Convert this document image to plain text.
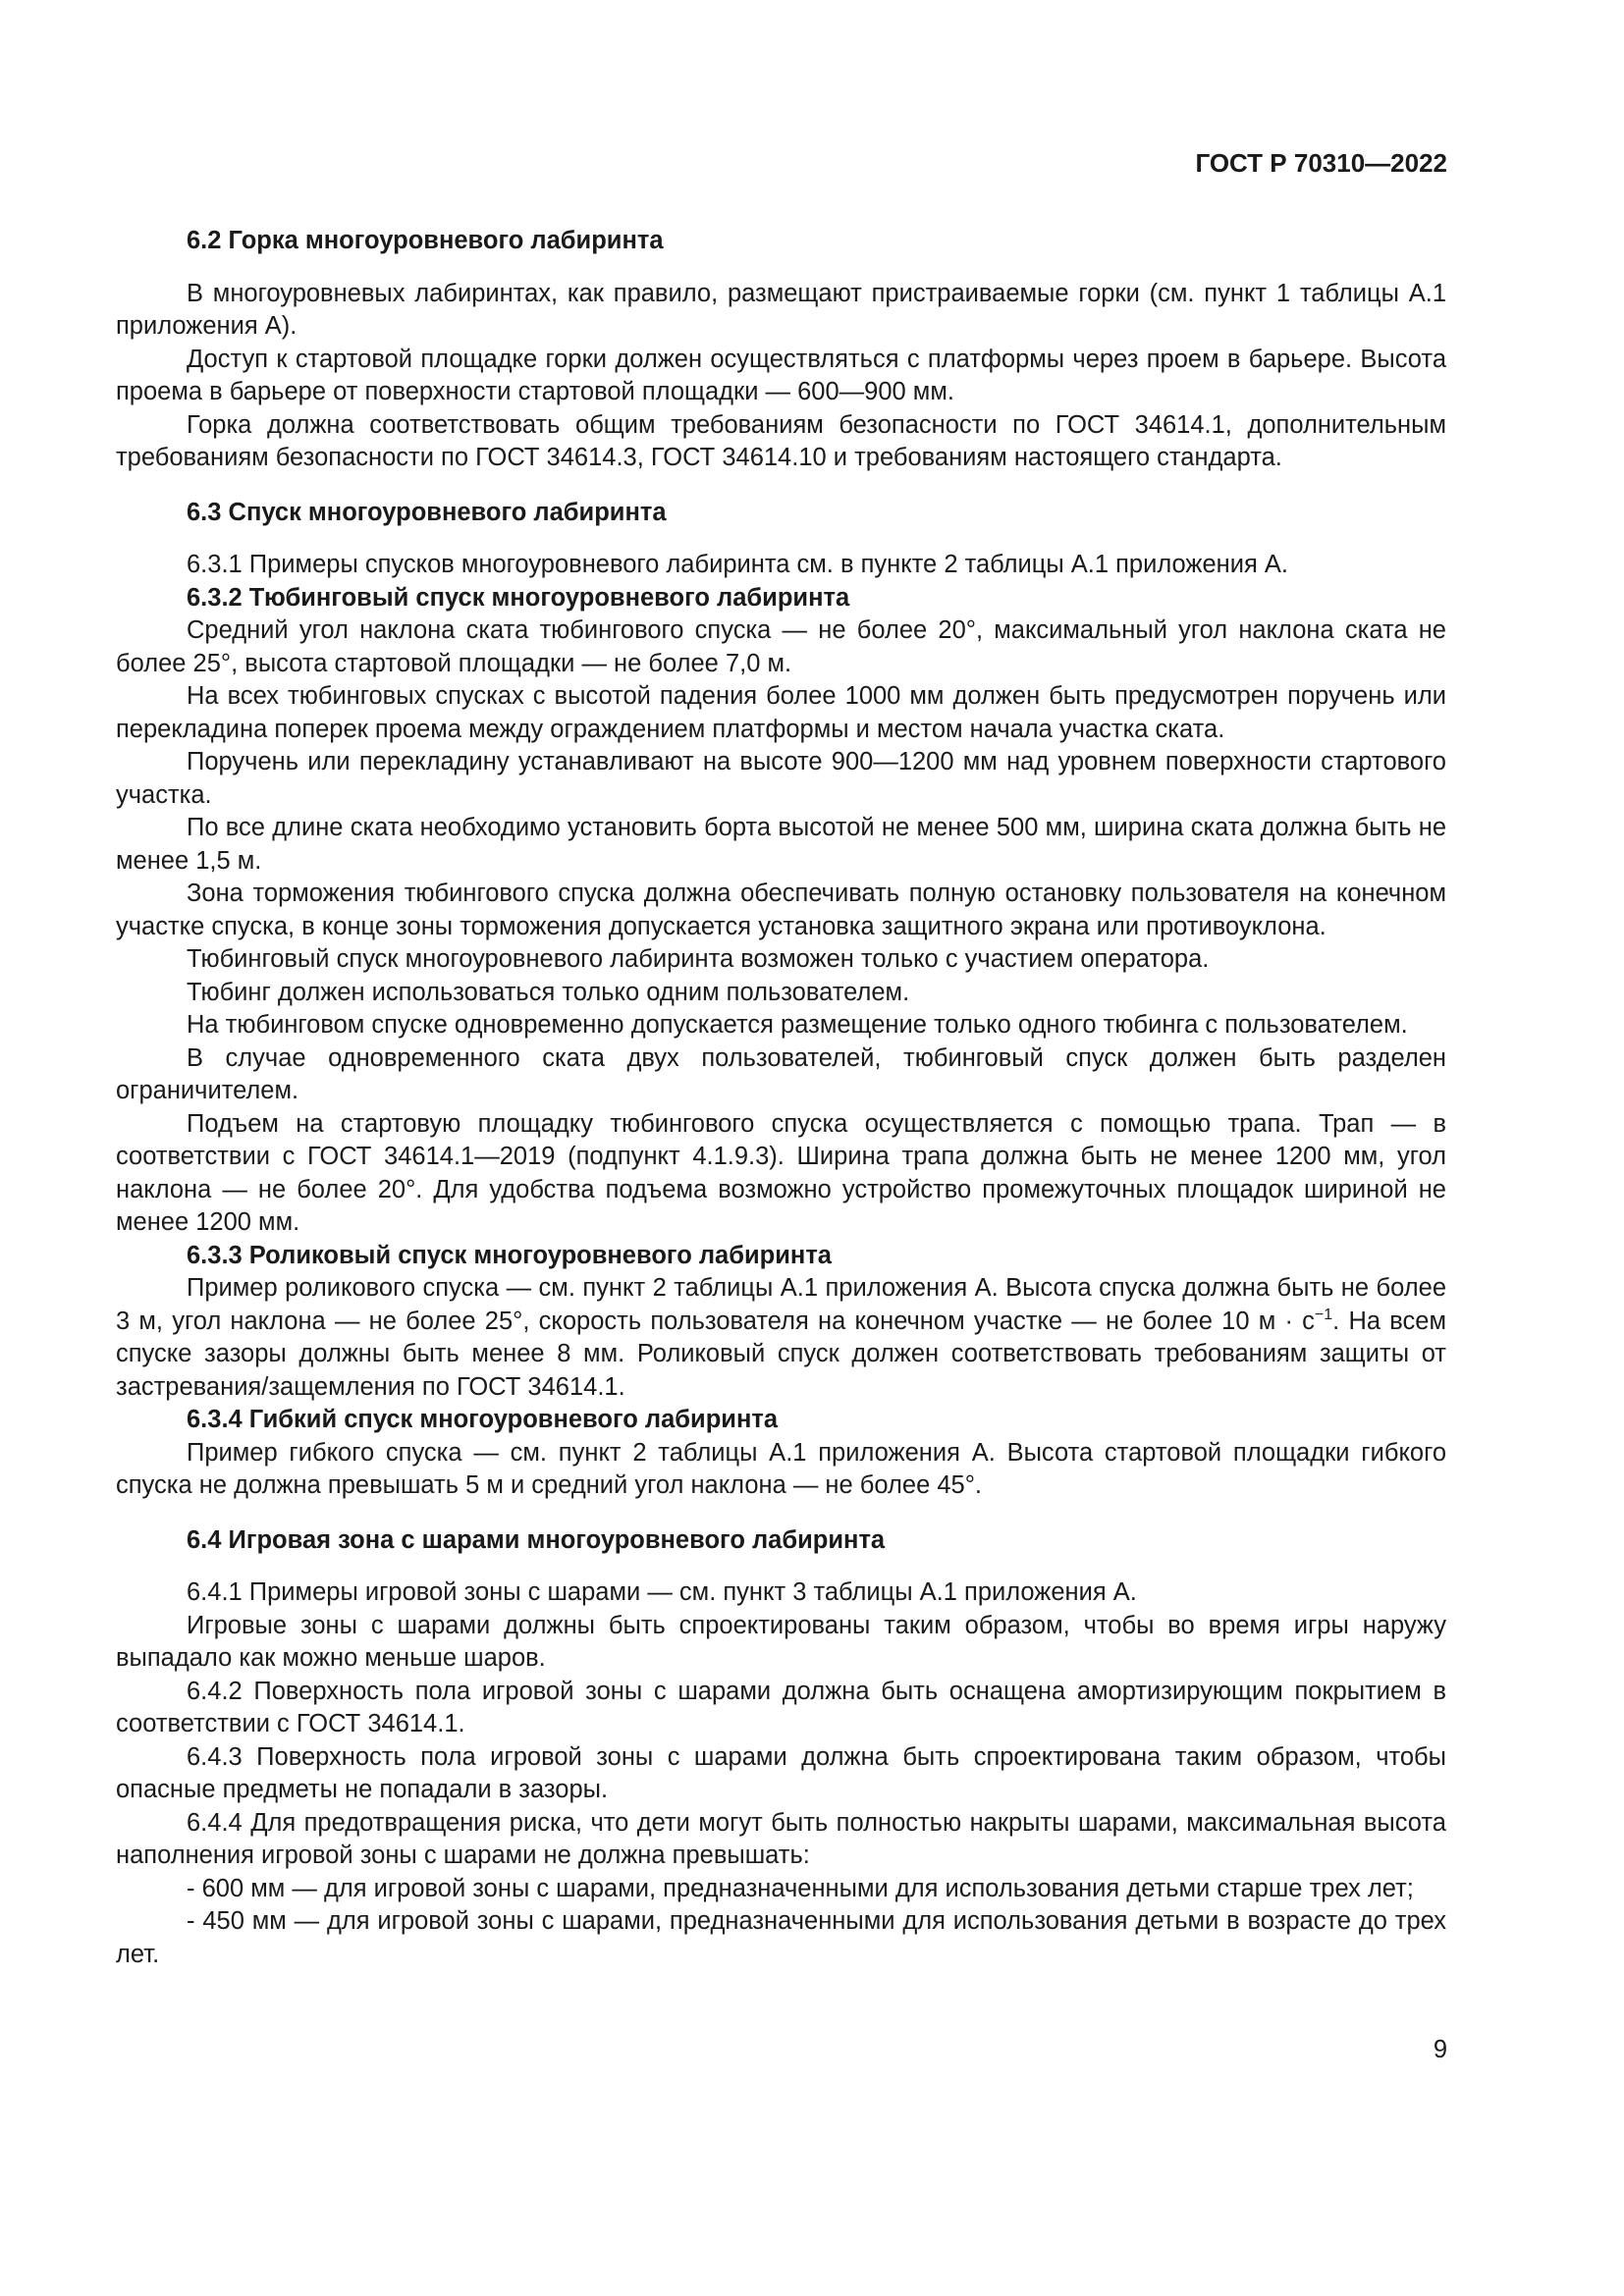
ГОСТ Р 70310—2022
6.2 Горка многоуровневого лабиринта

В многоуровневых лабиринтах, как правило, размещают пристраиваемые горки (см. пункт 1 таблицы А.1 приложения А).

Доступ к стартовой площадке горки должен осуществляться с платформы через проем в барьере. Высота проема в барьере от поверхности стартовой площадки — 600—900 мм.

Горка должна соответствовать общим требованиям безопасности по ГОСТ 34614.1, дополнительным требованиям безопасности по ГОСТ 34614.3, ГОСТ 34614.10 и требованиям настоящего стандарта.

6.3 Спуск многоуровневого лабиринта

6.3.1 Примеры спусков многоуровневого лабиринта см. в пункте 2 таблицы А.1 приложения А.

6.3.2 Тюбинговый спуск многоуровневого лабиринта

Средний угол наклона ската тюбингового спуска — не более 20°, максимальный угол наклона ската не более 25°, высота стартовой площадки — не более 7,0 м.

На всех тюбинговых спусках с высотой падения более 1000 мм должен быть предусмотрен поручень или перекладина поперек проема между ограждением платформы и местом начала участка ската.

Поручень или перекладину устанавливают на высоте 900—1200 мм над уровнем поверхности стартового участка.

По все длине ската необходимо установить борта высотой не менее 500 мм, ширина ската должна быть не менее 1,5 м.

Зона торможения тюбингового спуска должна обеспечивать полную остановку пользователя на конечном участке спуска, в конце зоны торможения допускается установка защитного экрана или противоуклона.

Тюбинговый спуск многоуровневого лабиринта возможен только с участием оператора.

Тюбинг должен использоваться только одним пользователем.

На тюбинговом спуске одновременно допускается размещение только одного тюбинга с пользователем.

В случае одновременного ската двух пользователей, тюбинговый спуск должен быть разделен ограничителем.

Подъем на стартовую площадку тюбингового спуска осуществляется с помощью трапа. Трап — в соответствии с ГОСТ 34614.1—2019 (подпункт 4.1.9.3). Ширина трапа должна быть не менее 1200 мм, угол наклона — не более 20°. Для удобства подъема возможно устройство промежуточных площадок шириной не менее 1200 мм.

6.3.3 Роликовый спуск многоуровневого лабиринта

Пример роликового спуска — см. пункт 2 таблицы А.1 приложения А. Высота спуска должна быть не более 3 м, угол наклона — не более 25°, скорость пользователя на конечном участке — не более 10 $м \cdot с^{-1}$. На всем спуске зазоры должны быть менее 8 мм. Роликовый спуск должен соответствовать требованиям защиты от застревания/защемления по ГОСТ 34614.1.

6.3.4 Гибкий спуск многоуровневого лабиринта

Пример гибкого спуска — см. пункт 2 таблицы А.1 приложения А. Высота стартовой площадки гибкого спуска не должна превышать 5 м и средний угол наклона — не более 45°.

6.4 Игровая зона с шарами многоуровневого лабиринта

6.4.1 Примеры игровой зоны с шарами — см. пункт 3 таблицы А.1 приложения А.

Игровые зоны с шарами должны быть спроектированы таким образом, чтобы во время игры наружу выпадало как можно меньше шаров.

6.4.2 Поверхность пола игровой зоны с шарами должна быть оснащена амортизирующим покрытием в соответствии с ГОСТ 34614.1.

6.4.3 Поверхность пола игровой зоны с шарами должна быть спроектирована таким образом, чтобы опасные предметы не попадали в зазоры.

6.4.4 Для предотвращения риска, что дети могут быть полностью накрыты шарами, максимальная высота наполнения игровой зоны с шарами не должна превышать:

- 600 мм — для игровой зоны с шарами, предназначенными для использования детьми старше трех лет;

- 450 мм — для игровой зоны с шарами, предназначенными для использования детьми в возрасте до трех лет.

9
